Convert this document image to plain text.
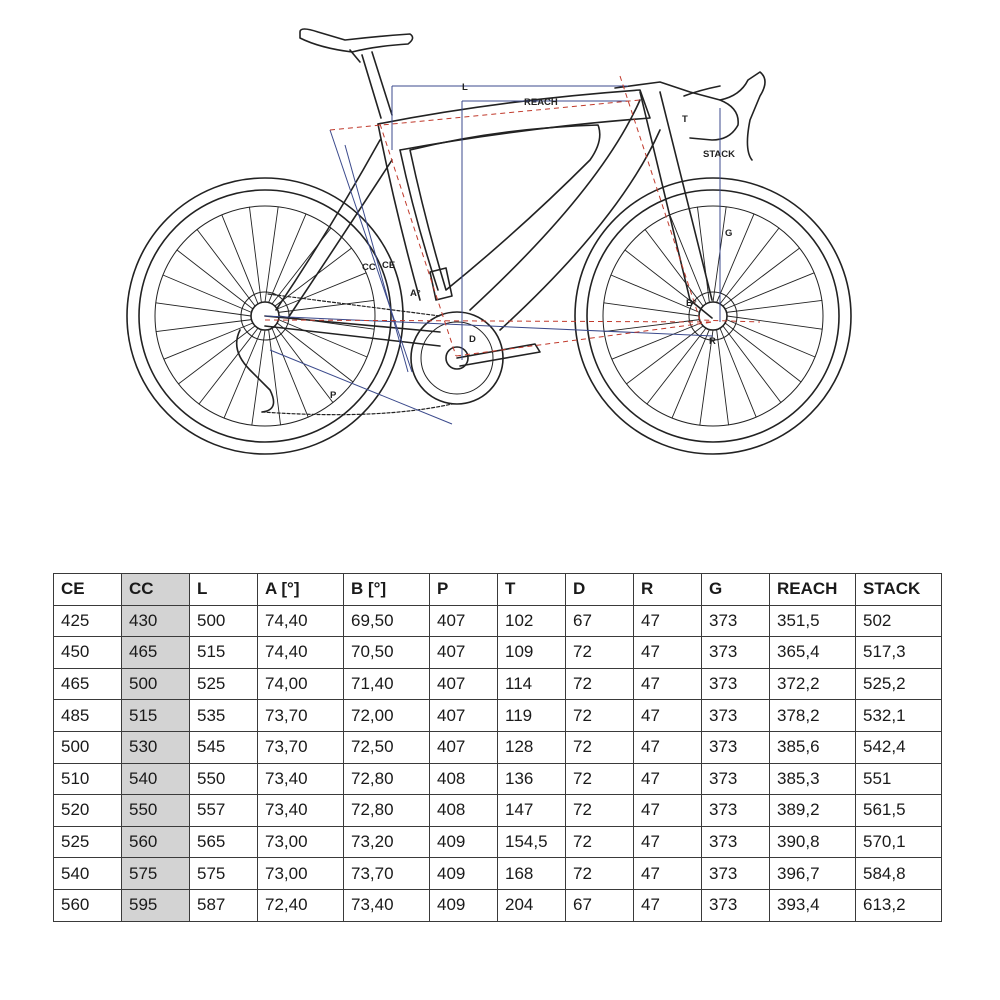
L
REACH
T
STACK
G
CC CE
A°
D
P
B°
R
CE	CC	L	A [°]	B [°]	P	T	D	R	G	REACH	STACK
425	430	500	74,40	69,50	407	102	67	47	373	351,5	502
450	465	515	74,40	70,50	407	109	72	47	373	365,4	517,3
465	500	525	74,00	71,40	407	114	72	47	373	372,2	525,2
485	515	535	73,70	72,00	407	119	72	47	373	378,2	532,1
500	530	545	73,70	72,50	407	128	72	47	373	385,6	542,4
510	540	550	73,40	72,80	408	136	72	47	373	385,3	551
520	550	557	73,40	72,80	408	147	72	47	373	389,2	561,5
525	560	565	73,00	73,20	409	154,5	72	47	373	390,8	570,1
540	575	575	73,00	73,70	409	168	72	47	373	396,7	584,8
560	595	587	72,40	73,40	409	204	67	47	373	393,4	613,2
